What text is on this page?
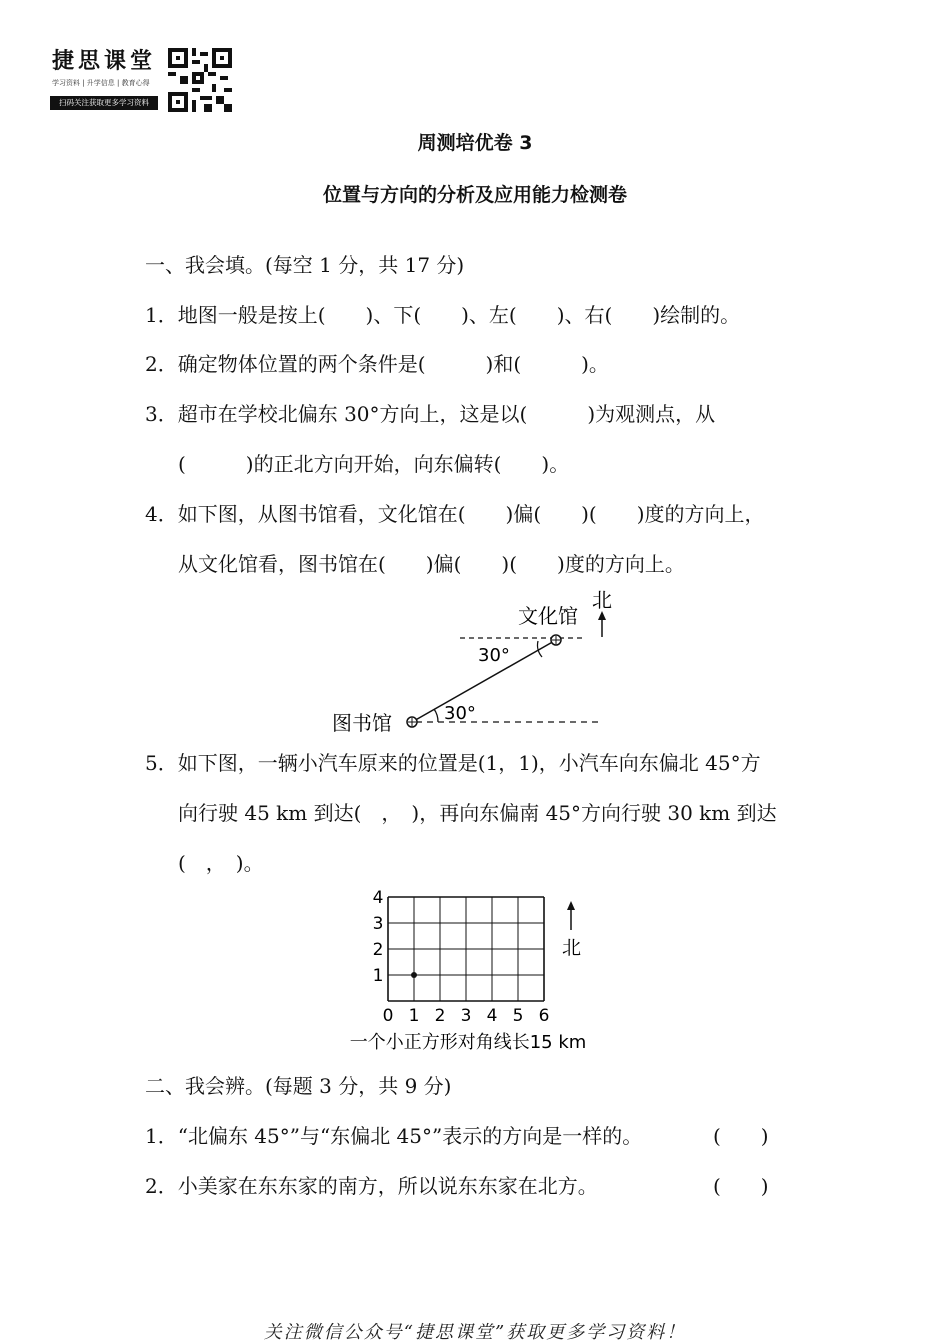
捷思课堂
学习资料 | 升学信息 | 教育心得
扫码关注获取更多学习资料
周测培优卷 3
位置与方向的分析及应用能力检测卷
一、我会填。(每空 1 分，共 17 分)
1．地图一般是按上(　　)、下(　　)、左(　　)、右(　　)绘制的。
2．确定物体位置的两个条件是(　　　)和(　　　)。
3．超市在学校北偏东 30°方向上，这是以(　　　)为观测点，从
(　　　)的正北方向开始，向东偏转(　　)。
4．如下图，从图书馆看，文化馆在(　　)偏(　　)(　　)度的方向上，
从文化馆看，图书馆在(　　)偏(　　)(　　)度的方向上。
北
30°
30°
文化馆
图书馆
5．如下图，一辆小汽车原来的位置是(1，1)，小汽车向东偏北 45°方
向行驶 45 km 到达(　，　)，再向东偏南 45°方向行驶 30 km 到达
(　，　)。
0 1 2 3 4 5 6
1
2
3
4
北
一个小正方形对角线长15 km
二、我会辨。(每题 3 分，共 9 分)
1．“北偏东 45°”与“东偏北 45°”表示的方向是一样的。	(　　)
2．小美家在东东家的南方，所以说东东家在北方。	(　　)
关注微信公众号“捷思课堂”获取更多学习资料！
